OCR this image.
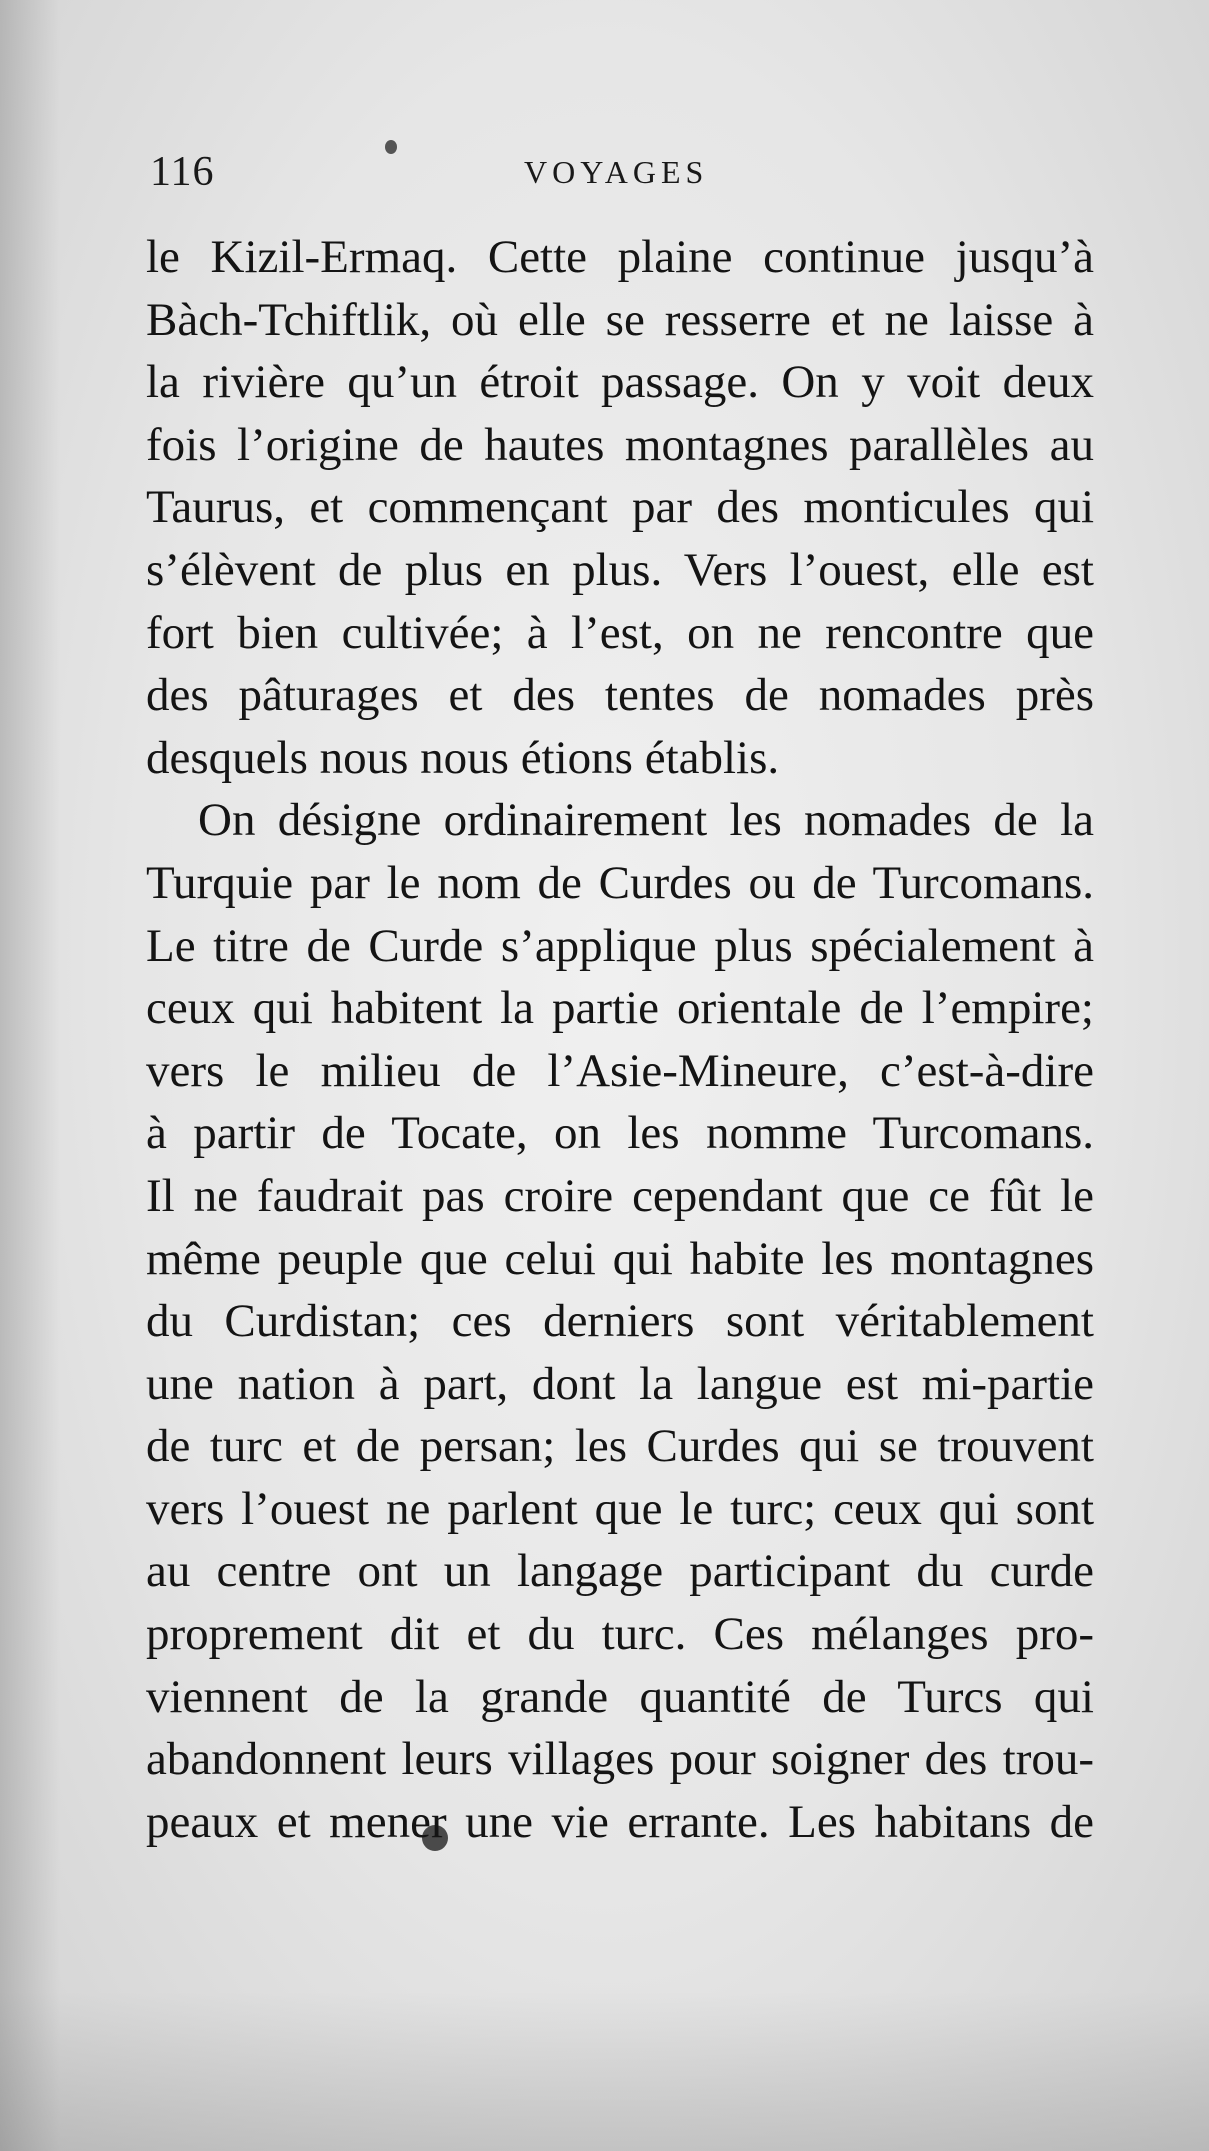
116	VOYAGES
le Kizil-Ermaq. Cette plaine continue jusqu’à
Bàch-Tchiftlik, où elle se resserre et ne laisse à
la rivière qu’un étroit passage. On y voit deux
fois l’origine de hautes montagnes parallèles au
Taurus, et commençant par des monticules qui
s’élèvent de plus en plus. Vers l’ouest, elle est
fort bien cultivée; à l’est, on ne rencontre que
des pâturages et des tentes de nomades près
desquels nous nous étions établis.
On désigne ordinairement les nomades de la
Turquie par le nom de Curdes ou de Turcomans.
Le titre de Curde s’applique plus spécialement à
ceux qui habitent la partie orientale de l’empire;
vers le milieu de l’Asie-Mineure, c’est-à-dire
à partir de Tocate, on les nomme Turcomans.
Il ne faudrait pas croire cependant que ce fût le
même peuple que celui qui habite les montagnes
du Curdistan; ces derniers sont véritablement
une nation à part, dont la langue est mi-partie
de turc et de persan; les Curdes qui se trouvent
vers l’ouest ne parlent que le turc; ceux qui sont
au centre ont un langage participant du curde
proprement dit et du turc. Ces mélanges pro-
viennent de la grande quantité de Turcs qui
abandonnent leurs villages pour soigner des trou-
peaux et mener une vie errante. Les habitans de
